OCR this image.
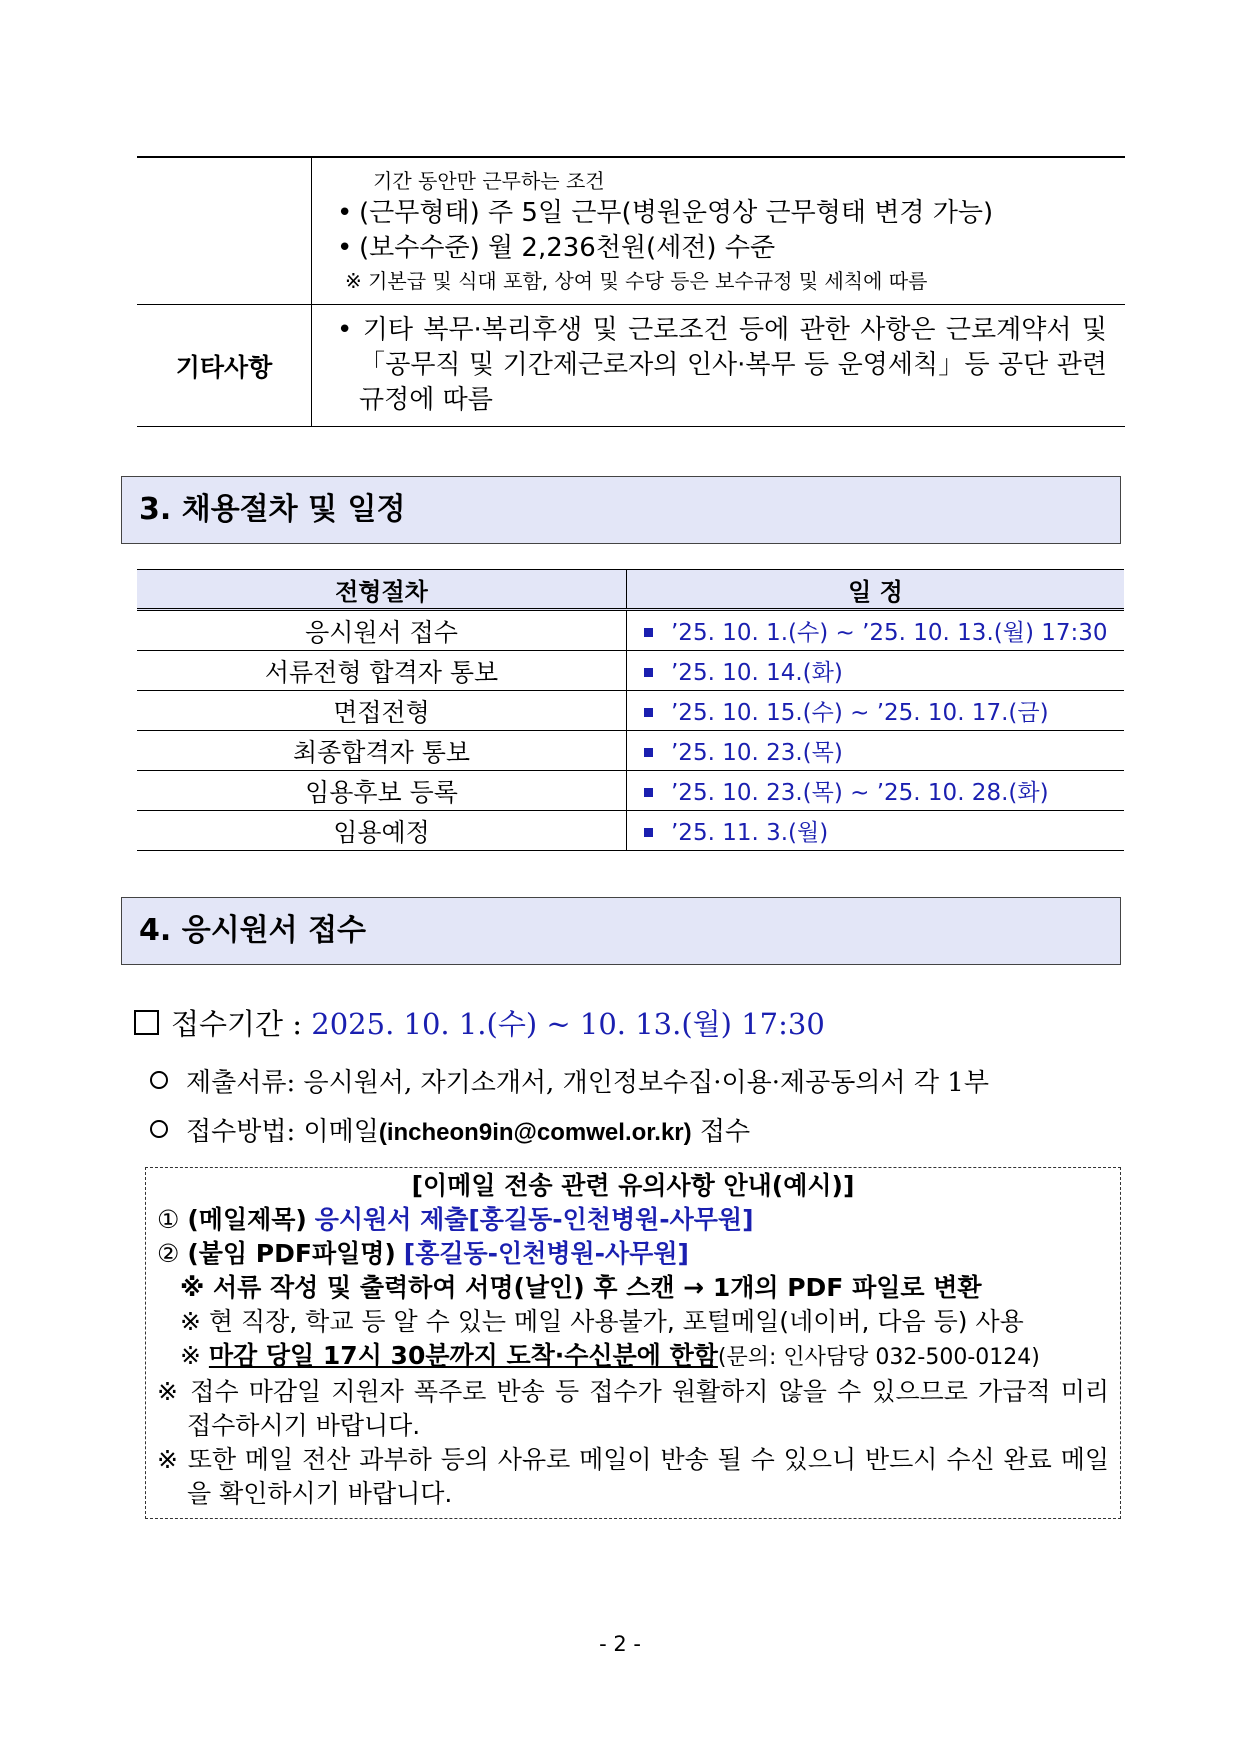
	기간 동안만 근무하는 조건
• (근무형태) 주 5일 근무(병원운영상 근무형태 변경 가능)
• (보수수준) 월 2,236천원(세전) 수준
※ 기본급 및 식대 포함, 상여 및 수당 등은 보수규정 및 세칙에 따름

기타사항	• 기타 복무·복리후생 및 근로조건 등에 관한 사항은 근로계약서 및
「공무직 및 기간제근로자의 인사·복무 등 운영세칙」등 공단 관련
규정에 따름
3. 채용절차 및 일정
전형절차	일 정
응시원서 접수	’25. 10. 1.(수) ~ ’25. 10. 13.(월) 17:30
서류전형 합격자 통보	’25. 10. 14.(화)
면접전형	’25. 10. 15.(수) ~ ’25. 10. 17.(금)
최종합격자 통보	’25. 10. 23.(목)
임용후보 등록	’25. 10. 23.(목) ~ ’25. 10. 28.(화)
임용예정	’25. 11. 3.(월)
4. 응시원서 접수
접수기간 : 2025. 10. 1.(수) ~ 10. 13.(월) 17:30
제출서류: 응시원서, 자기소개서, 개인정보수집·이용·제공동의서 각 1부
접수방법: 이메일(incheon9in@comwel.or.kr) 접수
[이메일 전송 관련 유의사항 안내(예시)]
① (메일제목) 응시원서 제출[홍길동-인천병원-사무원]
② (붙임 PDF파일명) [홍길동-인천병원-사무원]
※ 서류 작성 및 출력하여 서명(날인) 후 스캔 → 1개의 PDF 파일로 변환
※ 현 직장, 학교 등 알 수 있는 메일 사용불가, 포털메일(네이버, 다음 등) 사용
※ 마감 당일 17시 30분까지 도착·수신분에 한함(문의: 인사담당 032-500-0124)
※ 접수 마감일 지원자 폭주로 반송 등 접수가 원활하지 않을 수 있으므로 가급적 미리 접수하시기 바랍니다.
※ 또한 메일 전산 과부하 등의 사유로 메일이 반송 될 수 있으니 반드시 수신 완료 메일을 확인하시기 바랍니다.
- 2 -
